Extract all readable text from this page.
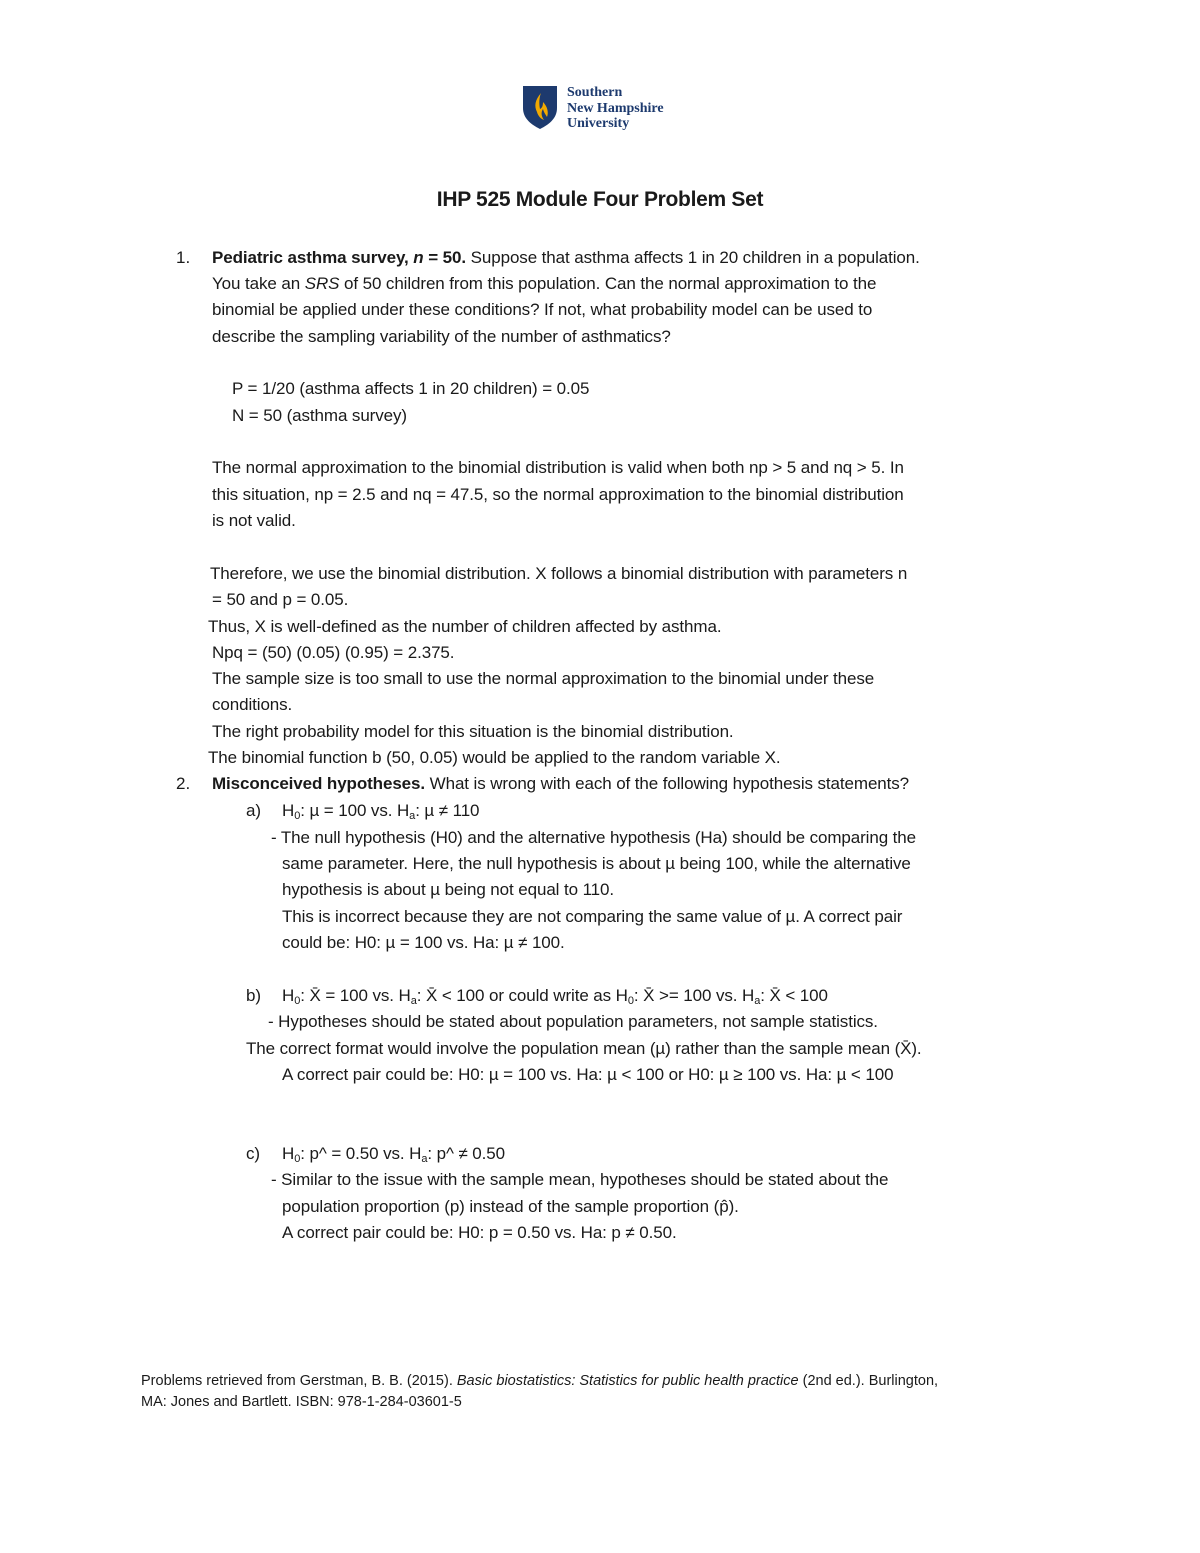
Southern
New Hampshire
University
IHP 525 Module Four Problem Set
1. Pediatric asthma survey, n = 50. Suppose that asthma affects 1 in 20 children in a population.
You take an SRS of 50 children from this population. Can the normal approximation to the
binomial be applied under these conditions? If not, what probability model can be used to
describe the sampling variability of the number of asthmatics?
P = 1/20 (asthma affects 1 in 20 children) = 0.05
N = 50 (asthma survey)
The normal approximation to the binomial distribution is valid when both np > 5 and nq > 5. In
this situation, np = 2.5 and nq = 47.5, so the normal approximation to the binomial distribution
is not valid.
Therefore, we use the binomial distribution. X follows a binomial distribution with parameters n
= 50 and p = 0.05.
Thus, X is well-defined as the number of children affected by asthma.
Npq = (50) (0.05) (0.95) = 2.375.
The sample size is too small to use the normal approximation to the binomial under these
conditions.
The right probability model for this situation is the binomial distribution.
The binomial function b (50, 0.05) would be applied to the random variable X.
2. Misconceived hypotheses. What is wrong with each of the following hypothesis statements?
a) $H_0$: µ = 100 vs. $H_a$: µ ≠ 110
- The null hypothesis (H0) and the alternative hypothesis (Ha) should be comparing the
same parameter. Here, the null hypothesis is about µ being 100, while the alternative
hypothesis is about µ being not equal to 110.
This is incorrect because they are not comparing the same value of µ. A correct pair
could be: H0: µ = 100 vs. Ha: µ ≠ 100.
b) $H_0$: X̄ = 100 vs. $H_a$: X̄ < 100 or could write as $H_0$: X̄ >= 100 vs. $H_a$: X̄ < 100
- Hypotheses should be stated about population parameters, not sample statistics.
The correct format would involve the population mean (µ) rather than the sample mean (X̄).
A correct pair could be: H0: µ = 100 vs. Ha: µ < 100 or H0: µ ≥ 100 vs. Ha: µ < 100
c) $H_0$: p^ = 0.50 vs. $H_a$: p^ ≠ 0.50
- Similar to the issue with the sample mean, hypotheses should be stated about the
population proportion (p) instead of the sample proportion (p̂).
A correct pair could be: H0: p = 0.50 vs. Ha: p ≠ 0.50.
Problems retrieved from Gerstman, B. B. (2015). Basic biostatistics: Statistics for public health practice (2nd ed.). Burlington,
MA: Jones and Bartlett. ISBN: 978-1-284-03601-5
